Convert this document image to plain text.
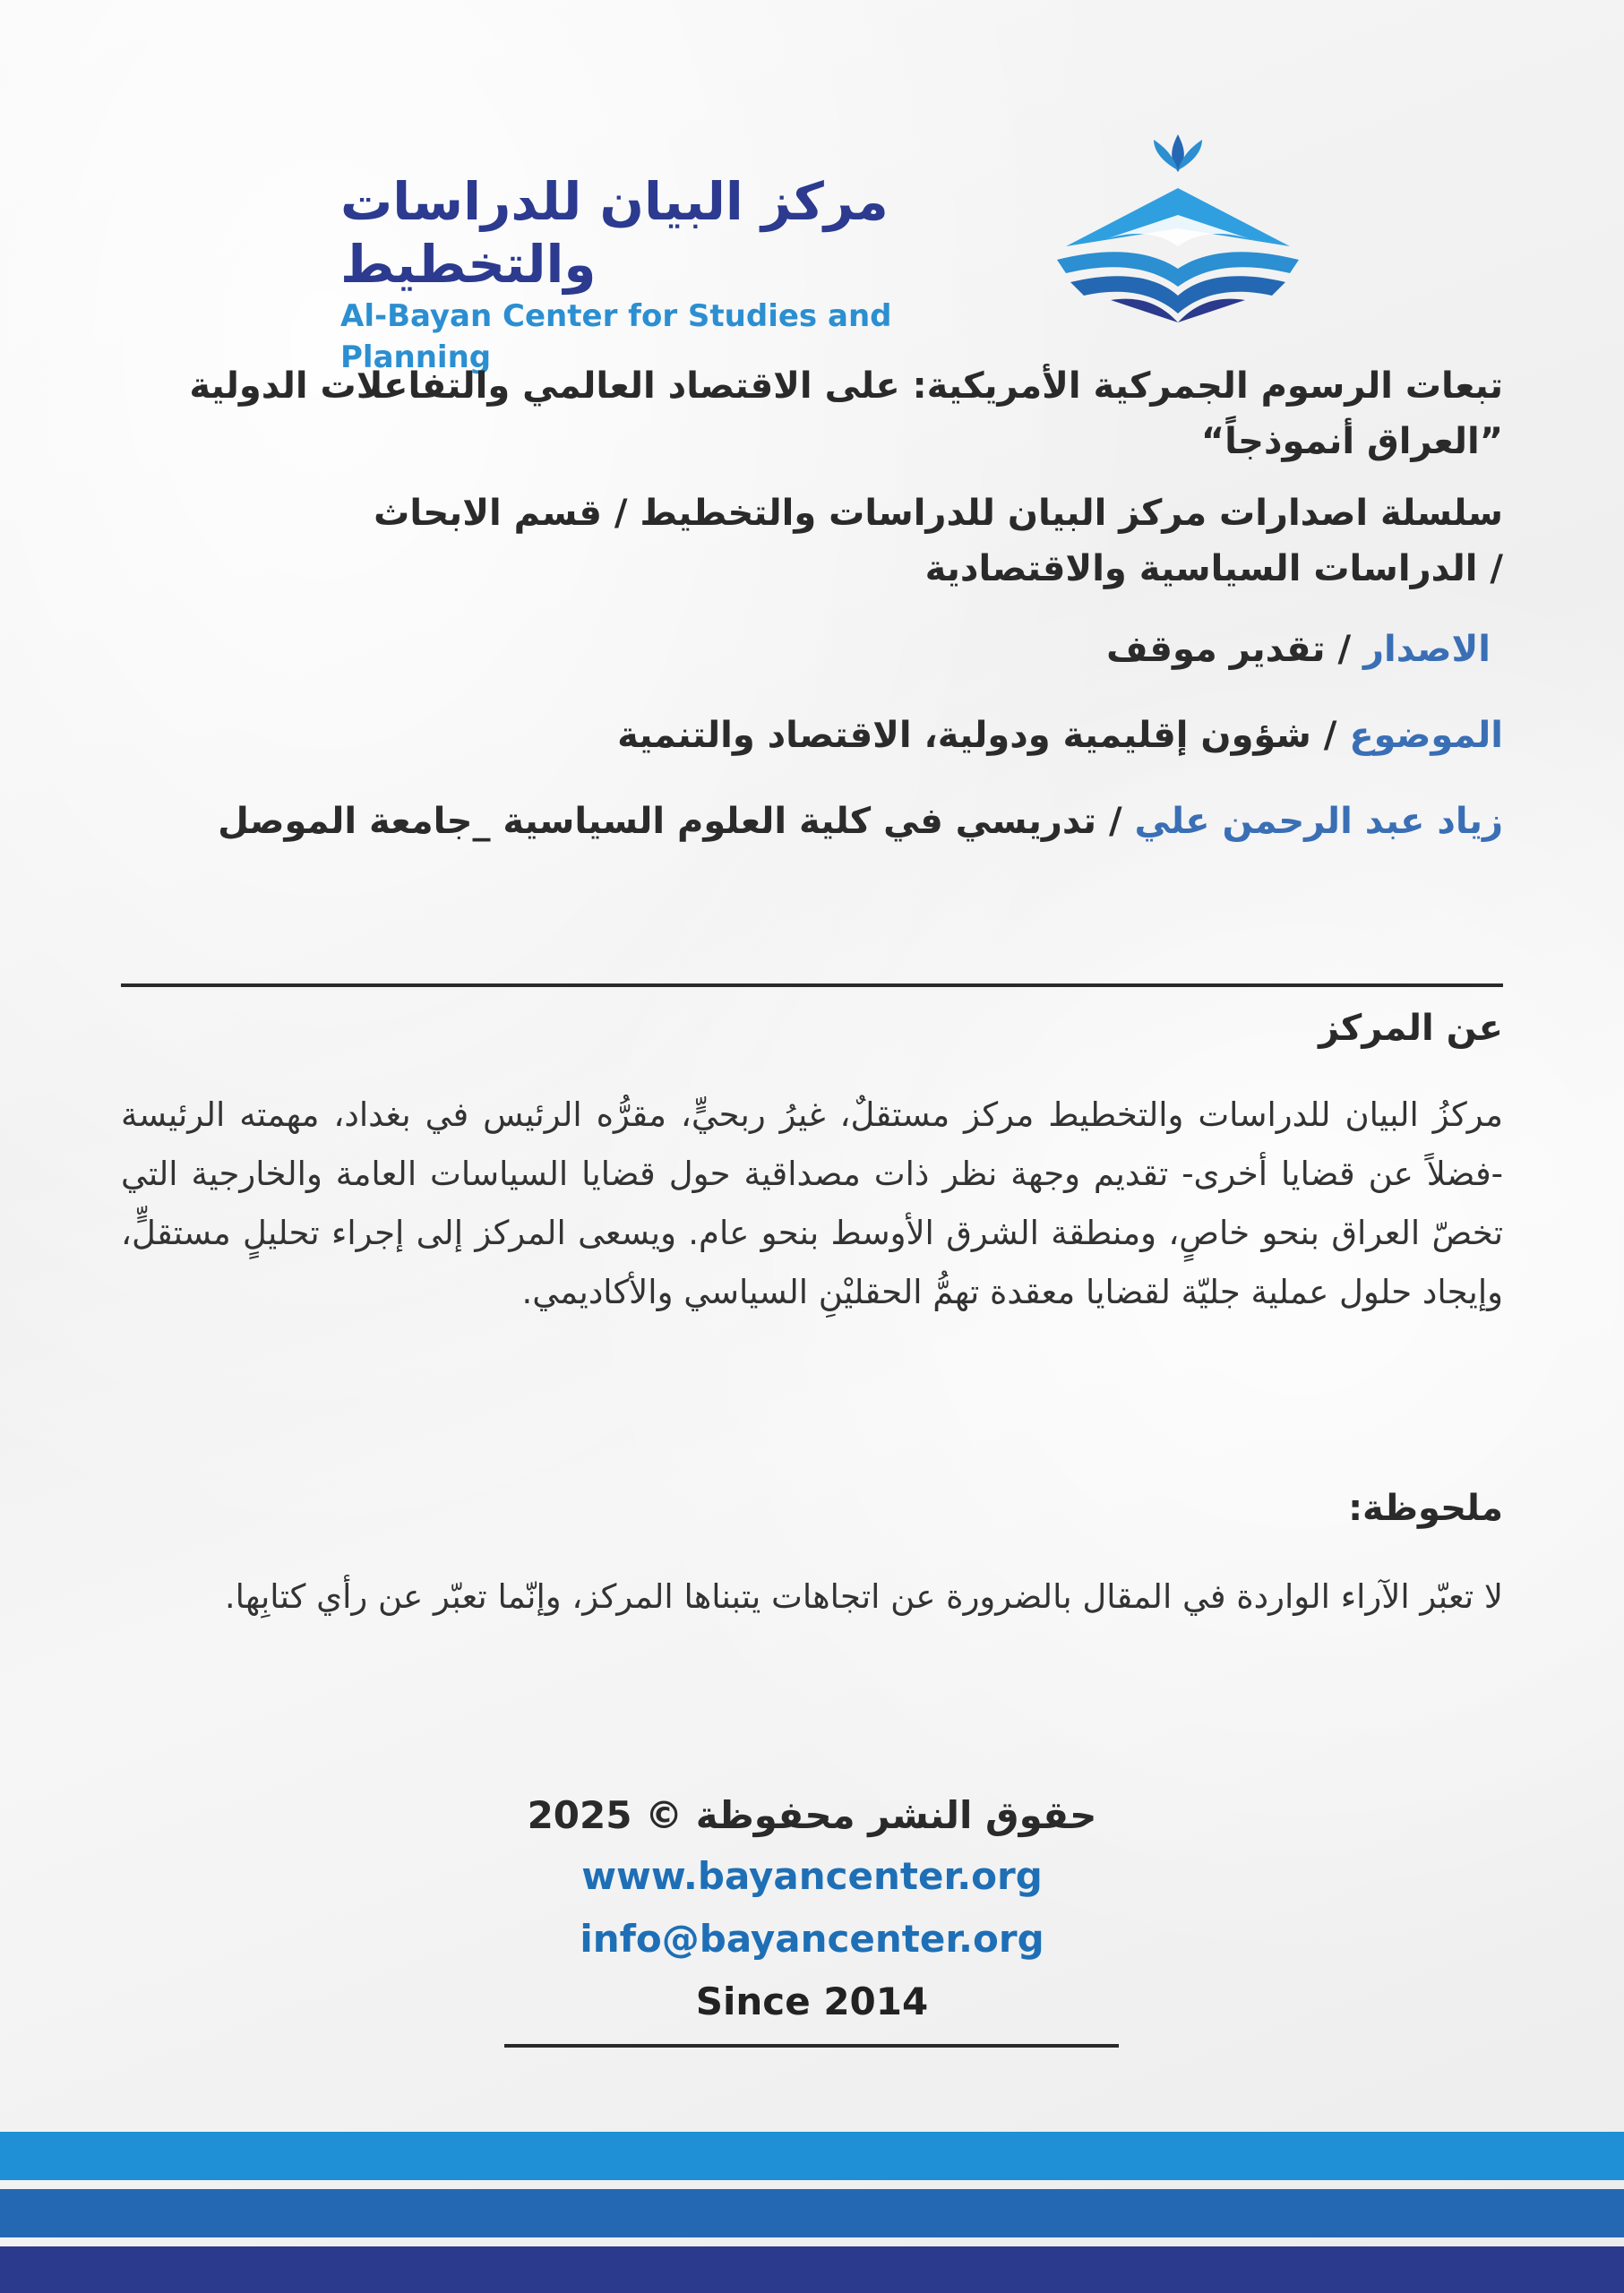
مركز البيان للدراسات والتخطيط
Al-Bayan Center for Studies and Planning
تبعات الرسوم الجمركية الأمريكية: على الاقتصاد العالمي والتفاعلات الدولية
”العراق أنموذجاً“
سلسلة اصدارات مركز البيان للدراسات والتخطيط / قسم الابحاث
/ الدراسات السياسية والاقتصادية
الاصدار / تقدير موقف
الموضوع / شؤون إقليمية ودولية، الاقتصاد والتنمية
زياد عبد الرحمن علي / تدريسي في كلية العلوم السياسية _جامعة الموصل
عن المركز

مركزُ البيان للدراسات والتخطيط مركز مستقلٌ، غيرُ ربحيٍّ، مقرُّه الرئيس في بغداد، مهمته الرئيسة -فضلاً عن قضايا أخرى- تقديم وجهة نظر ذات مصداقية حول قضايا السياسات العامة والخارجية التي تخصّ العراق بنحو خاصٍ، ومنطقة الشرق الأوسط بنحو عام. ويسعى المركز إلى إجراء تحليلٍ مستقلٍّ، وإيجاد حلول عملية جليّة لقضايا معقدة تهمُّ الحقليْنِ السياسي والأكاديمي.

ملحوظة:

لا تعبّر الآراء الواردة في المقال بالضرورة عن اتجاهات يتبناها المركز، وإنّما تعبّر عن رأي كتابِها.

حقوق النشر محفوظة © 2025
www.bayancenter.org
info@bayancenter.org
Since 2014
